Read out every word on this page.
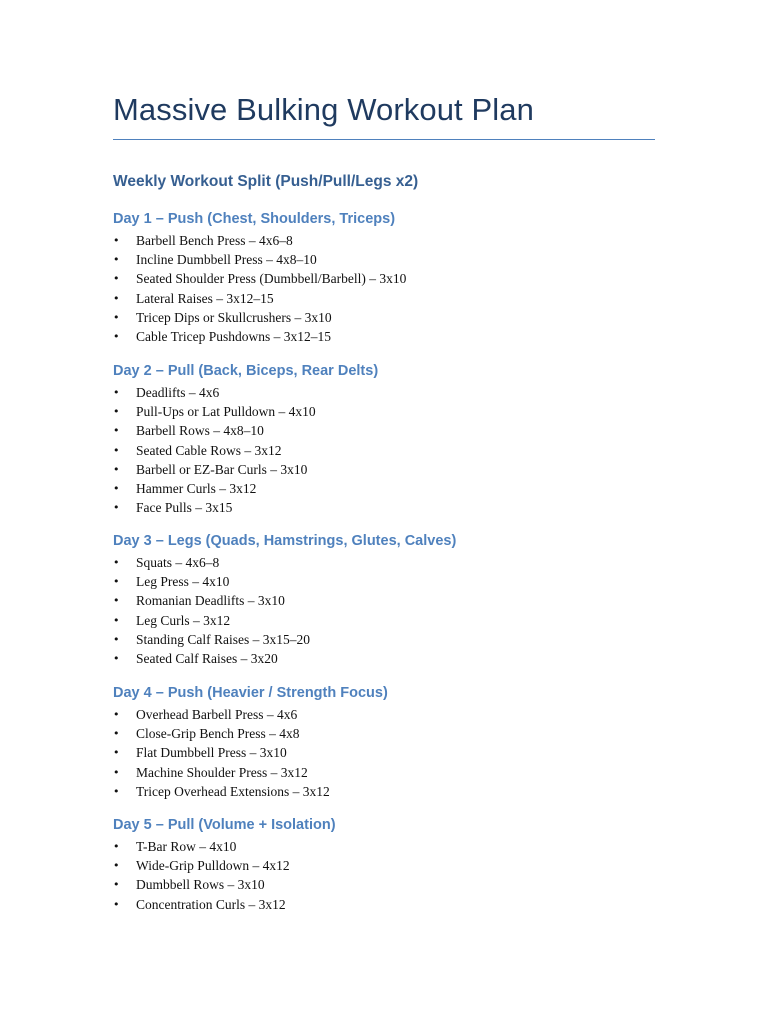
Massive Bulking Workout Plan
Weekly Workout Split (Push/Pull/Legs x2)
Day 1 – Push (Chest, Shoulders, Triceps)
•	Barbell Bench Press – 4x6–8
•	Incline Dumbbell Press – 4x8–10
•	Seated Shoulder Press (Dumbbell/Barbell) – 3x10
•	Lateral Raises – 3x12–15
•	Tricep Dips or Skullcrushers – 3x10
•	Cable Tricep Pushdowns – 3x12–15
Day 2 – Pull (Back, Biceps, Rear Delts)
•	Deadlifts – 4x6
•	Pull-Ups or Lat Pulldown – 4x10
•	Barbell Rows – 4x8–10
•	Seated Cable Rows – 3x12
•	Barbell or EZ-Bar Curls – 3x10
•	Hammer Curls – 3x12
•	Face Pulls – 3x15
Day 3 – Legs (Quads, Hamstrings, Glutes, Calves)
•	Squats – 4x6–8
•	Leg Press – 4x10
•	Romanian Deadlifts – 3x10
•	Leg Curls – 3x12
•	Standing Calf Raises – 3x15–20
•	Seated Calf Raises – 3x20
Day 4 – Push (Heavier / Strength Focus)
•	Overhead Barbell Press – 4x6
•	Close-Grip Bench Press – 4x8
•	Flat Dumbbell Press – 3x10
•	Machine Shoulder Press – 3x12
•	Tricep Overhead Extensions – 3x12
Day 5 – Pull (Volume + Isolation)
•	T-Bar Row – 4x10
•	Wide-Grip Pulldown – 4x12
•	Dumbbell Rows – 3x10
•	Concentration Curls – 3x12
